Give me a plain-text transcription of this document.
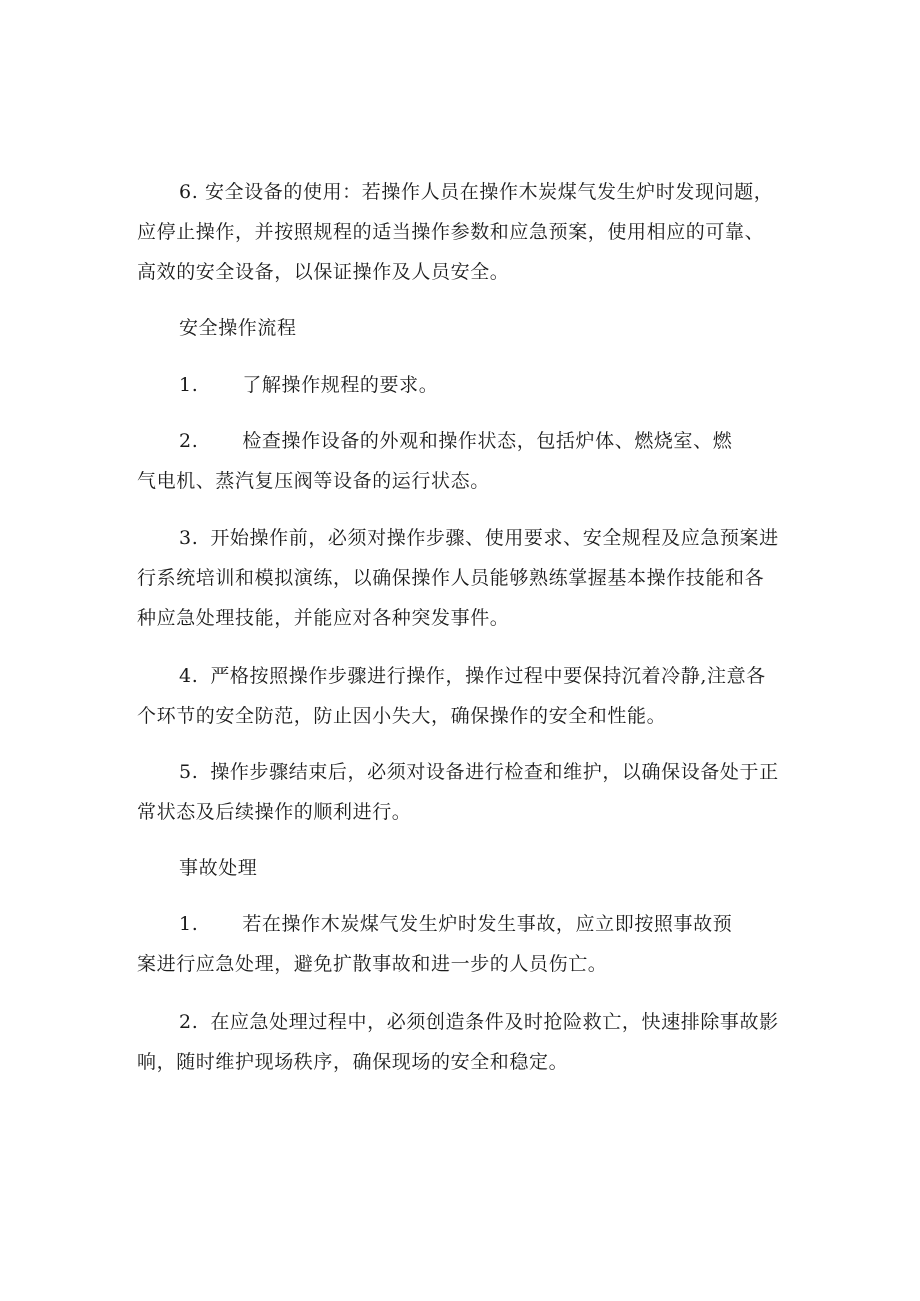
6. 安全设备的使用：若操作人员在操作木炭煤气发生炉时发现问题，
应停止操作，并按照规程的适当操作参数和应急预案，使用相应的可靠、
高效的安全设备，以保证操作及人员安全。
安全操作流程
1. 了解操作规程的要求。
2. 检查操作设备的外观和操作状态，包括炉体、燃烧室、燃
气电机、蒸汽复压阀等设备的运行状态。
3. 开始操作前，必须对操作步骤、使用要求、安全规程及应急预案进
行系统培训和模拟演练，以确保操作人员能够熟练掌握基本操作技能和各
种应急处理技能，并能应对各种突发事件。
4. 严格按照操作步骤进行操作，操作过程中要保持沉着冷静,注意各
个环节的安全防范，防止因小失大，确保操作的安全和性能。
5. 操作步骤结束后，必须对设备进行检查和维护，以确保设备处于正
常状态及后续操作的顺利进行。
事故处理
1. 若在操作木炭煤气发生炉时发生事故，应立即按照事故预
案进行应急处理，避免扩散事故和进一步的人员伤亡。
2. 在应急处理过程中，必须创造条件及时抢险救亡，快速排除事故影
响，随时维护现场秩序，确保现场的安全和稳定。
